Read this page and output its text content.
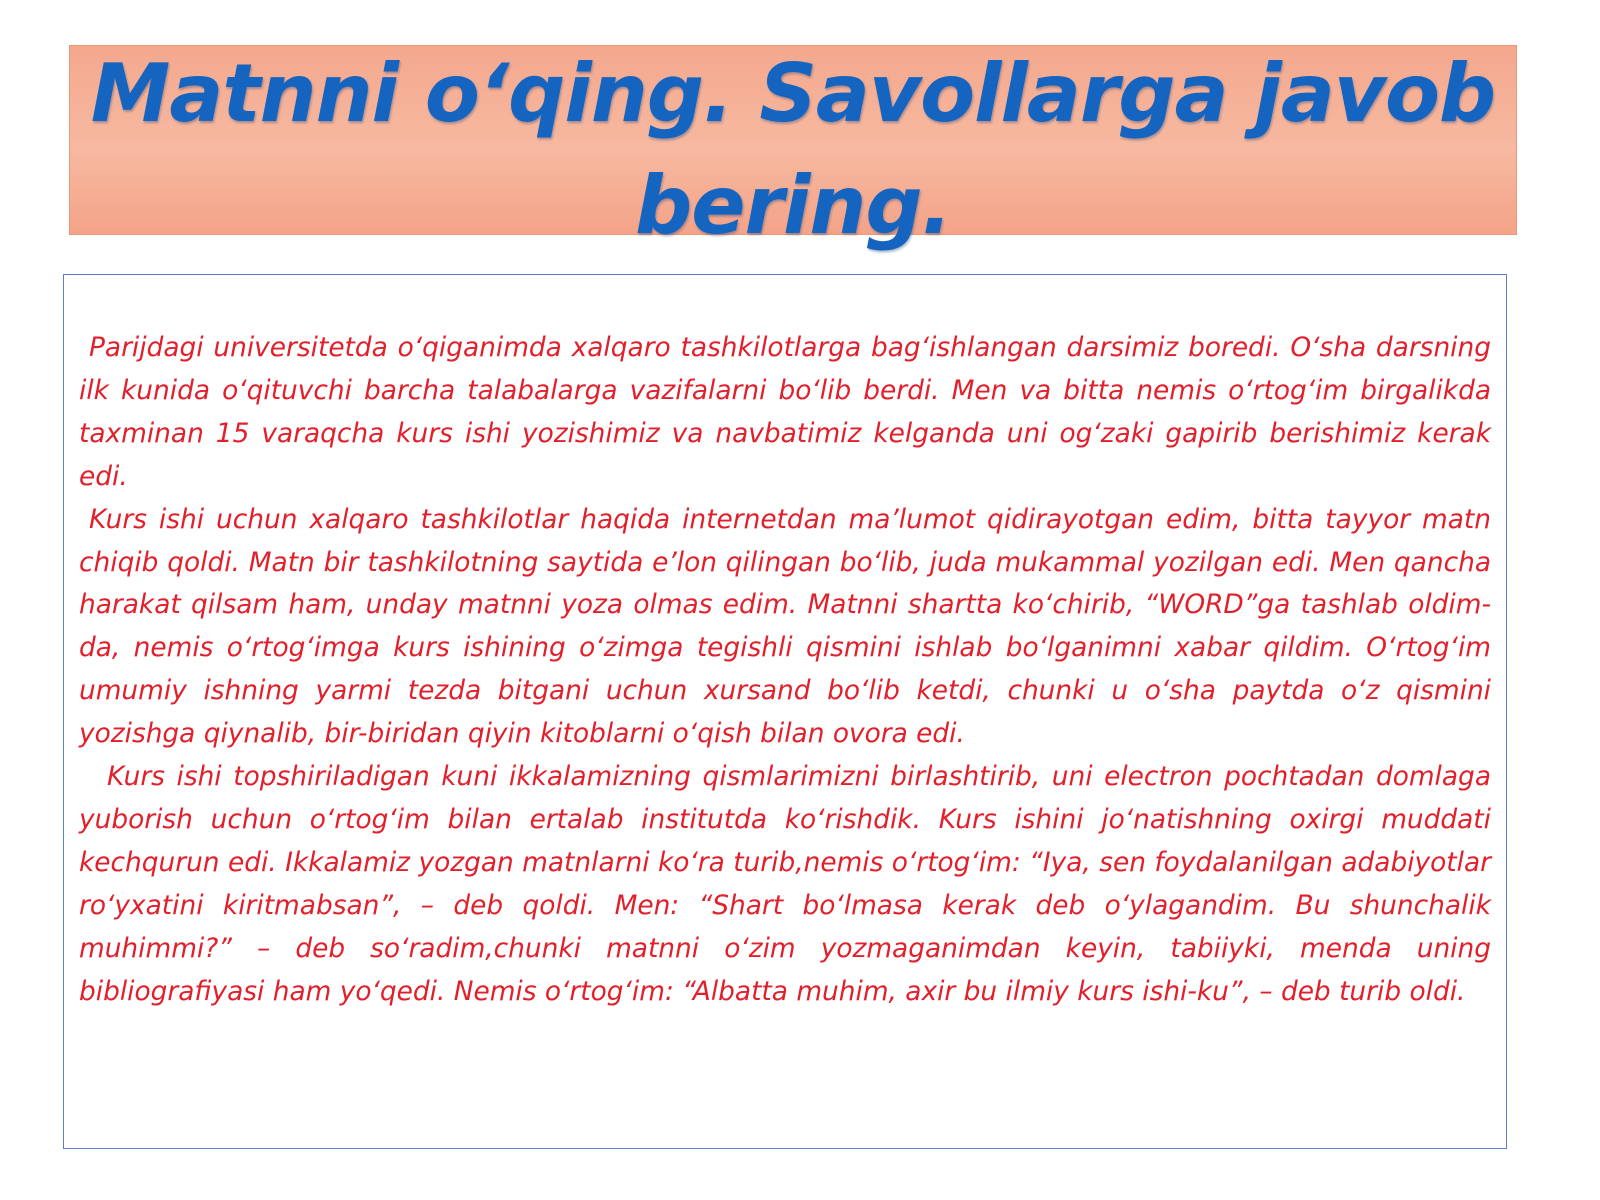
Matnni o‘qing. Savollarga javob bering.

Parijdagi universitetda o‘qiganimda xalqaro tashkilotlarga bag‘ishlangan darsimiz boredi. O‘sha darsning ilk kunida o‘qituvchi barcha talabalarga vazifalarni bo‘lib berdi. Men va bitta nemis o‘rtog‘im birgalikda taxminan 15 varaqcha kurs ishi yozishimiz va navbatimiz kelganda uni og‘zaki gapirib berishimiz kerak edi.

Kurs ishi uchun xalqaro tashkilotlar haqida internetdan ma’lumot qidirayotgan edim, bitta tayyor matn chiqib qoldi. Matn bir tashkilotning saytida e’lon qilingan bo‘lib, juda mukammal yozilgan edi. Men qancha harakat qilsam ham, unday matnni yoza olmas edim. Matnni shartta ko‘chirib, “WORD”ga tashlab oldim-da, nemis o‘rtog‘imga kurs ishining o‘zimga tegishli qismini ishlab bo‘lganimni xabar qildim. O‘rtog‘im umumiy ishning yarmi tezda bitgani uchun xursand bo‘lib ketdi, chunki u o‘sha paytda o‘z qismini yozishga qiynalib, bir-biridan qiyin kitoblarni o‘qish bilan ovora edi.

Kurs ishi topshiriladigan kuni ikkalamizning qismlarimizni birlashtirib, uni electron pochtadan domlaga yuborish uchun o‘rtog‘im bilan ertalab institutda ko‘rishdik. Kurs ishini jo‘natishning oxirgi muddati kechqurun edi. Ikkalamiz yozgan matnlarni ko‘ra turib,nemis o‘rtog‘im: “Iya, sen foydalanilgan adabiyotlar ro‘yxatini kiritmabsan”, – deb qoldi. Men: “Shart bo‘lmasa kerak deb o‘ylagandim. Bu shunchalik muhimmi?” – deb so‘radim,chunki matnni o‘zim yozmaganimdan keyin, tabiiyki, menda uning bibliografiyasi ham yo‘qedi. Nemis o‘rtog‘im: “Albatta muhim, axir bu ilmiy kurs ishi-ku”, – deb turib oldi.
